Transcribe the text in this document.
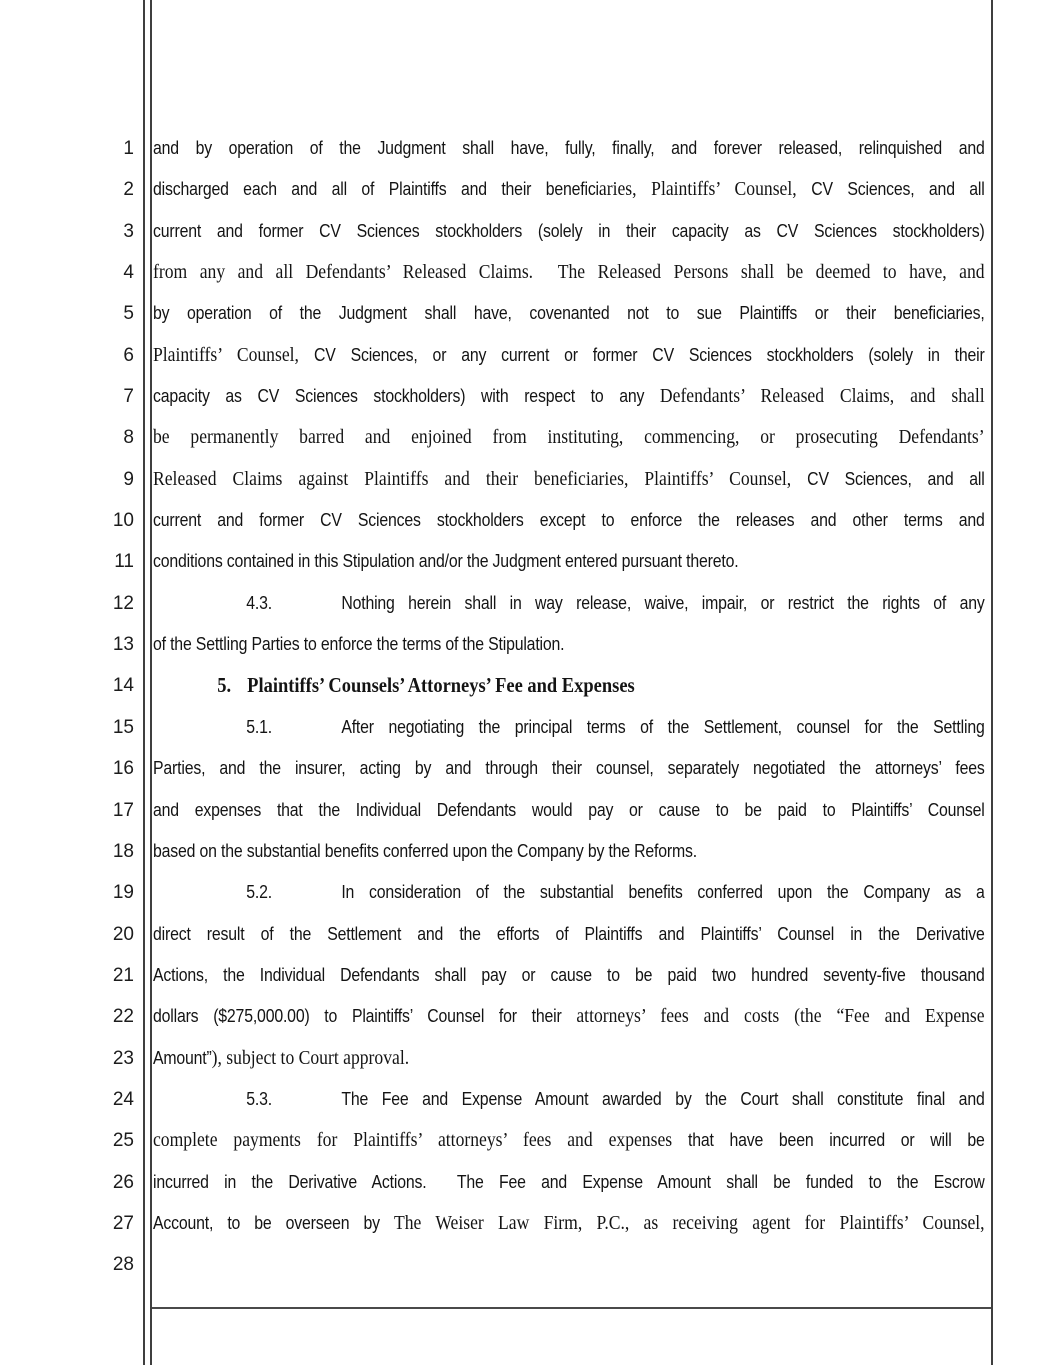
1 and by operation of the Judgment shall have, fully, finally, and forever released, relinquished and
2 discharged each and all of Plaintiffs and their beneficiaries, Plaintiffs’ Counsel, CV Sciences, and all
3 current and former CV Sciences stockholders (solely in their capacity as CV Sciences stockholders)
4 from any and all Defendants’ Released Claims.  The Released Persons shall be deemed to have, and
5 by operation of the Judgment shall have, covenanted not to sue Plaintiffs or their beneficiaries,
6 Plaintiffs’ Counsel, CV Sciences, or any current or former CV Sciences stockholders (solely in their
7 capacity as CV Sciences stockholders) with respect to any Defendants’ Released Claims, and shall
8 be permanently barred and enjoined from instituting, commencing, or prosecuting Defendants’
9 Released Claims against Plaintiffs and their beneficiaries, Plaintiffs’ Counsel, CV Sciences, and all
10 current and former CV Sciences stockholders except to enforce the releases and other terms and
11 conditions contained in this Stipulation and/or the Judgment entered pursuant thereto.
12	4.3.	Nothing herein shall in way release, waive, impair, or restrict the rights of any
13 of the Settling Parties to enforce the terms of the Stipulation.
14	5. Plaintiffs’ Counsels’ Attorneys’ Fee and Expenses
15	5.1.	After negotiating the principal terms of the Settlement, counsel for the Settling
16 Parties, and the insurer, acting by and through their counsel, separately negotiated the attorneys’ fees
17 and expenses that the Individual Defendants would pay or cause to be paid to Plaintiffs’ Counsel
18 based on the substantial benefits conferred upon the Company by the Reforms.
19	5.2.	In consideration of the substantial benefits conferred upon the Company as a
20 direct result of the Settlement and the efforts of Plaintiffs and Plaintiffs’ Counsel in the Derivative
21 Actions, the Individual Defendants shall pay or cause to be paid two hundred seventy-five thousand
22 dollars ($275,000.00) to Plaintiffs’ Counsel for their attorneys’ fees and costs (the “Fee and Expense
23 Amount”), subject to Court approval.
24	5.3.	The Fee and Expense Amount awarded by the Court shall constitute final and
25 complete payments for Plaintiffs’ attorneys’ fees and expenses that have been incurred or will be
26 incurred in the Derivative Actions.  The Fee and Expense Amount shall be funded to the Escrow
27 Account, to be overseen by The Weiser Law Firm, P.C., as receiving agent for Plaintiffs’ Counsel,
28
